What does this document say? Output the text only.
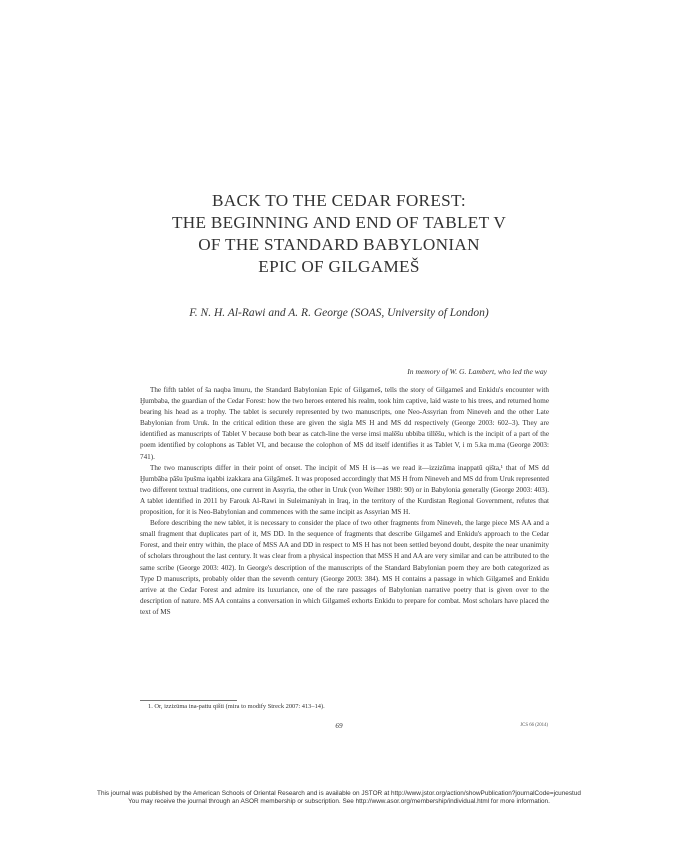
BACK TO THE CEDAR FOREST:
THE BEGINNING AND END OF TABLET V
OF THE STANDARD BABYLONIAN
EPIC OF GILGAMEŠ
F. N. H. Al-Rawi and A. R. George (SOAS, University of London)
In memory of W. G. Lambert, who led the way

The fifth tablet of ša naqba īmuru, the Standard Babylonian Epic of Gilgameš, tells the story of Gilgameš and Enkidu's encounter with Ḫumbaba, the guardian of the Cedar Forest: how the two heroes entered his realm, took him captive, laid waste to his trees, and returned home bearing his head as a trophy. The tablet is securely represented by two manuscripts, one Neo-Assyrian from Nineveh and the other Late Babylonian from Uruk. In the critical edition these are given the sigla MS H and MS dd respectively (George 2003: 602–3). They are identified as manuscripts of Tablet V because both bear as catch-line the verse imsi malēšu ubbiba tillēšu, which is the incipit of a part of the poem identified by colophons as Tablet VI, and because the colophon of MS dd itself identifies it as Tablet V, i m 5.ka m.ma (George 2003: 741).

The two manuscripts differ in their point of onset. The incipit of MS H is—as we read it—izzizūma inappatū qišta,¹ that of MS dd Ḫumbāba pâšu īpušma iqabbi izakkara ana Gilgāmeš. It was proposed accordingly that MS H from Nineveh and MS dd from Uruk represented two different textual traditions, one current in Assyria, the other in Uruk (von Weiher 1980: 90) or in Babylonia generally (George 2003: 403). A tablet identified in 2011 by Farouk Al-Rawi in Suleimaniyah in Iraq, in the territory of the Kurdistan Regional Government, refutes that proposition, for it is Neo-Babylonian and commences with the same incipit as Assyrian MS H.

Before describing the new tablet, it is necessary to consider the place of two other fragments from Nineveh, the large piece MS AA and a small fragment that duplicates part of it, MS DD. In the sequence of fragments that describe Gilgameš and Enkidu's approach to the Cedar Forest, and their entry within, the place of MSS AA and DD in respect to MS H has not been settled beyond doubt, despite the near unanimity of scholars throughout the last century. It was clear from a physical inspection that MSS H and AA are very similar and can be attributed to the same scribe (George 2003: 402). In George's description of the manuscripts of the Standard Babylonian poem they are both categorized as Type D manuscripts, probably older than the seventh century (George 2003: 384). MS H contains a passage in which Gilgameš and Enkidu arrive at the Cedar Forest and admire its luxuriance, one of the rare passages of Babylonian narrative poetry that is given over to the description of nature. MS AA contains a conversation in which Gilgameš exhorts Enkidu to prepare for combat. Most scholars have placed the text of MS

1. Or, izzizūma ina-pattu qišti (mira to modify Streck 2007: 413–14).
69	JCS 66 (2014)
This journal was published by the American Schools of Oriental Research and is available on JSTOR at http://www.jstor.org/action/showPublication?journalCode=jcunestud
You may receive the journal through an ASOR membership or subscription. See http://www.asor.org/membership/individual.html for more information.
